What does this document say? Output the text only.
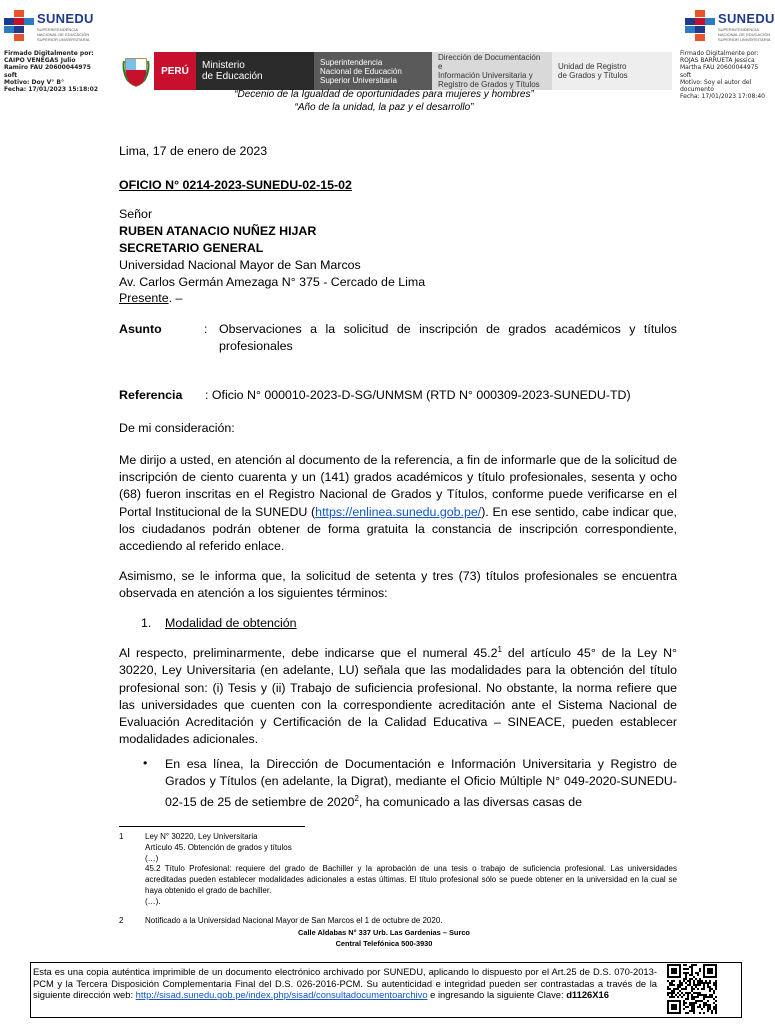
SUNEDU
SUPERINTENDENCIA NACIONAL DE EDUCACIÓN SUPERIOR UNIVERSITARIA
SUNEDU
SUPERINTENDENCIA NACIONAL DE EDUCACIÓN SUPERIOR UNIVERSITARIA
Firmado Digitalmente por:
CAIPO VENEGAS Julio
Ramiro FAU 20600044975
soft
Motivo: Doy V° B°
Fecha: 17/01/2023 15:18:02
Firmado Digitalmente por:
ROJAS BARRUETA Jessica
Martha FAU 20600044975 soft
Motivo: Soy el autor del
documento
Fecha: 17/01/2023 17:08:40
PERÚ	Ministerio
de Educación
Superintendencia
Nacional de Educación
Superior Universitaria
Dirección de Documentación e
Información Universitaria y
Registro de Grados y Títulos
Unidad de Registro
de Grados y Títulos
“Decenio de la Igualdad de oportunidades para mujeres y hombres”
“Año de la unidad, la paz y el desarrollo”
Lima, 17 de enero de 2023
OFICIO N° 0214-2023-SUNEDU-02-15-02
Señor
RUBEN ATANACIO NUÑEZ HIJAR
SECRETARIO GENERAL
Universidad Nacional Mayor de San Marcos
Av. Carlos Germán Amezaga N° 375 - Cercado de Lima
Presente. –
Asunto	: Observaciones a la solicitud de inscripción de grados académicos y títulos profesionales
Referencia : Oficio N° 000010-2023-D-SG/UNMSM (RTD N° 000309-2023-SUNEDU-TD)
De mi consideración:
Me dirijo a usted, en atención al documento de la referencia, a fin de informarle que de la solicitud de inscripción de ciento cuarenta y un (141) grados académicos y título profesionales, sesenta y ocho (68) fueron inscritas en el Registro Nacional de Grados y Títulos, conforme puede verificarse en el Portal Institucional de la SUNEDU (https://enlinea.sunedu.gob.pe/). En ese sentido, cabe indicar que, los ciudadanos podrán obtener de forma gratuita la constancia de inscripción correspondiente, accediendo al referido enlace.
Asimismo, se le informa que, la solicitud de setenta y tres (73) títulos profesionales se encuentra observada en atención a los siguientes términos:
1. Modalidad de obtención
Al respecto, preliminarmente, debe indicarse que el numeral 45.2$^1$ del artículo 45° de la Ley N° 30220, Ley Universitaria (en adelante, LU) señala que las modalidades para la obtención del título profesional son: (i) Tesis y (ii) Trabajo de suficiencia profesional. No obstante, la norma refiere que las universidades que cuenten con la correspondiente acreditación ante el Sistema Nacional de Evaluación Acreditación y Certificación de la Calidad Educativa – SINEACE, pueden establecer modalidades adicionales.
• En esa línea, la Dirección de Documentación e Información Universitaria y Registro de Grados y Títulos (en adelante, la Digrat), mediante el Oficio Múltiple N° 049-2020-SUNEDU-02-15 de 25 de setiembre de 2020$^2$, ha comunicado a las diversas casas de
1	Ley N° 30220, Ley Universitaria
Artículo 45. Obtención de grados y títulos
(…)
45.2 Título Profesional: requiere del grado de Bachiller y la aprobación de una tesis o trabajo de suficiencia profesional. Las universidades acreditadas pueden establecer modalidades adicionales a estas últimas. El título profesional sólo se puede obtener en la universidad en la cual se haya obtenido el grado de bachiller.
(…).
2	Notificado a la Universidad Nacional Mayor de San Marcos el 1 de octubre de 2020.
Calle Aldabas N° 337 Urb. Las Gardenias – Surco
Central Telefónica 500-3930
Esta es una copia auténtica imprimible de un documento electrónico archivado por SUNEDU, aplicando lo dispuesto por el Art.25 de D.S. 070-2013-PCM y la Tercera Disposición Complementaria Final del D.S. 026-2016-PCM. Su autenticidad e integridad pueden ser contrastadas a través de la siguiente dirección web: http://sisad.sunedu.gob.pe/index.php/sisad/consultadocumentoarchivo e ingresando la siguiente Clave: d1126X16
